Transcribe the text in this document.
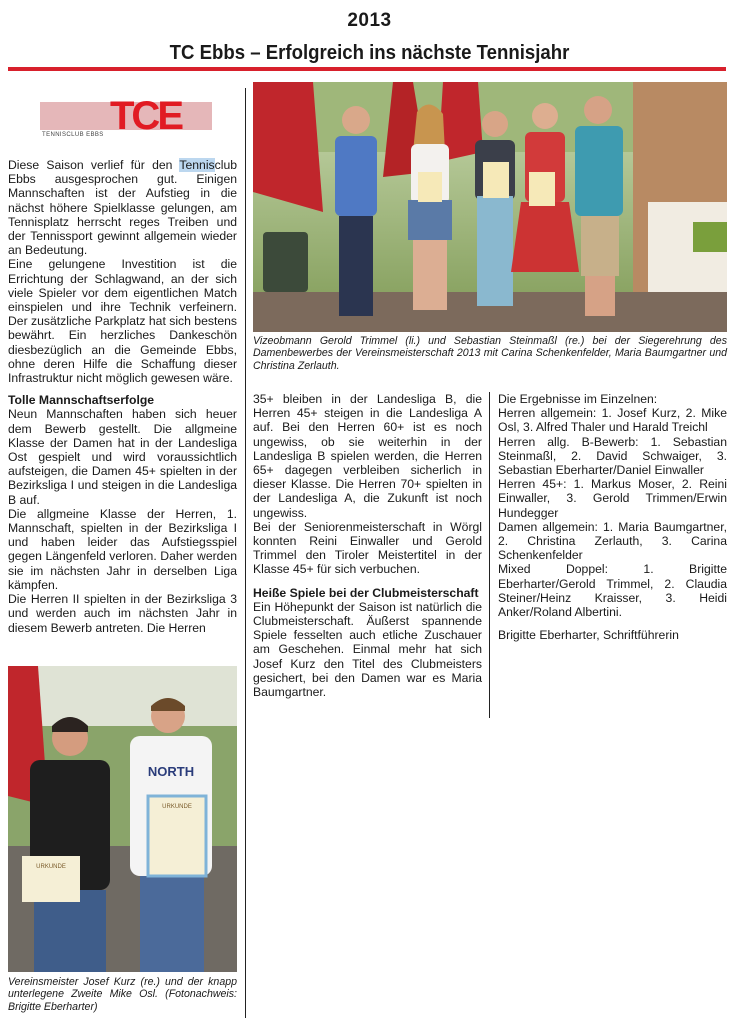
2013
TC Ebbs – Erfolgreich ins nächste Tennisjahr
TCE
TENNISCLUB EBBS

Diese Saison verlief für den Tennisclub Ebbs ausgesprochen gut. Einigen Mannschaften ist der Aufstieg in die nächst höhere Spielklasse gelungen, am Tennisplatz herrscht reges Treiben und der Tennissport gewinnt allgemein wieder an Bedeutung.

Eine gelungene Investition ist die Errichtung der Schlagwand, an der sich viele Spieler vor dem eigentlichen Match einspielen und ihre Technik verfeinern. Der zusätzliche Parkplatz hat sich bestens bewährt. Ein herzliches Dankeschön diesbezüglich an die Gemeinde Ebbs, ohne deren Hilfe die Schaffung dieser Infrastruktur nicht möglich gewesen wäre.

Tolle Mannschaftserfolge

Neun Mannschaften haben sich heuer dem Bewerb gestellt. Die allgmeine Klasse der Damen hat in der Landesliga Ost gespielt und wird voraussichtlich aufsteigen, die Damen 45+ spielten in der Bezirksliga I und steigen in die Landesliga B auf.

Die allgmeine Klasse der Herren, 1. Mannschaft, spielten in der Bezirksliga I und haben leider das Aufstiegsspiel gegen Längenfeld verloren. Daher werden sie im nächsten Jahr in derselben Liga kämpfen.

Die Herren II spielten in der Bezirksliga 3 und werden auch im nächsten Jahr in diesem Bewerb antreten. Die Herren

Vizeobmann Gerold Trimmel (li.) und Sebastian Steinmaßl (re.) bei der Siegerehrung des Damenbewerbes der Vereinsmeisterschaft 2013 mit Carina Schenkenfelder, Maria Baumgartner und Christina Zerlauth.

35+ bleiben in der Landesliga B, die Herren 45+ steigen in die Landesliga A auf. Bei den Herren 60+ ist es noch ungewiss, ob sie weiterhin in der Landesliga B spielen werden, die Herren 65+ dagegen verbleiben sicherlich in dieser Klasse. Die Herren 70+ spielten in der Landesliga A, die Zukunft ist noch ungewiss.

Bei der Seniorenmeisterschaft in Wörgl konnten Reini Einwaller und Gerold Trimmel den Tiroler Meistertitel in der Klasse 45+ für sich verbuchen.

Heiße Spiele bei der Clubmeisterschaft

Ein Höhepunkt der Saison ist natürlich die Clubmeisterschaft. Äußerst spannende Spiele fesselten auch etliche Zuschauer am Geschehen. Einmal mehr hat sich Josef Kurz den Titel des Clubmeisters gesichert, bei den Damen war es Maria Baumgartner.

Die Ergebnisse im Einzelnen:

Herren allgemein: 1. Josef Kurz, 2. Mike Osl, 3. Alfred Thaler und Harald Treichl

Herren allg. B-Bewerb: 1. Sebastian Steinmaßl, 2. David Schwaiger, 3. Sebastian Eberharter/Daniel Einwaller

Herren 45+: 1. Markus Moser, 2. Reini Einwaller, 3. Gerold Trimmen/Erwin Hundegger

Damen allgemein: 1. Maria Baumgartner, 2. Christina Zerlauth, 3. Carina Schenkenfelder

Mixed Doppel: 1. Brigitte Eberharter/Gerold Trimmel, 2. Claudia Steiner/Heinz Kraisser, 3. Heidi Anker/Roland Albertini.

Brigitte Eberharter, Schriftführerin

URKUNDE
NORTH
URKUNDE
Vereinsmeister Josef Kurz (re.) und der knapp unterlegene Zweite Mike Osl. (Fotonachweis: Brigitte Eberharter)
